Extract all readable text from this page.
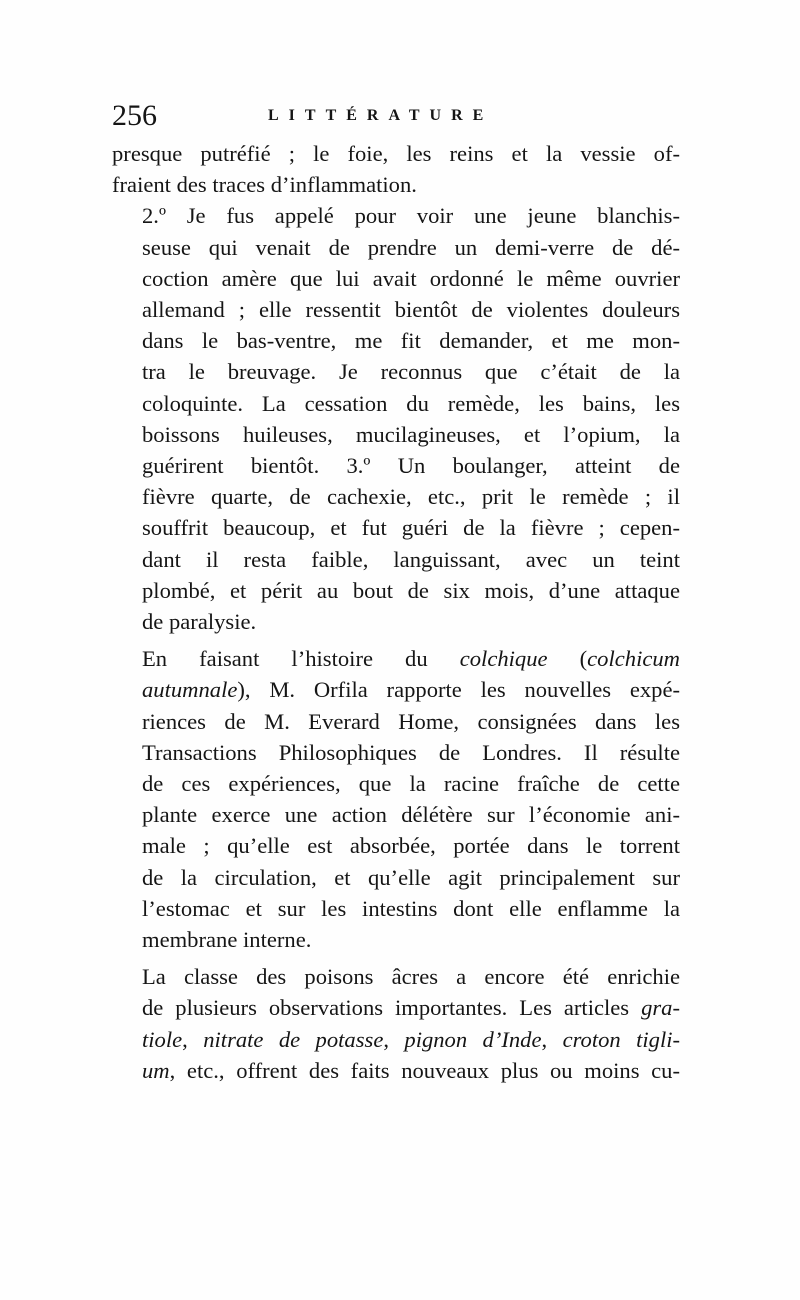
256	LITTÉRATURE

presque putréfié ; le foie, les reins et la vessie of-
fraient des traces d’inflammation.

2.º Je fus appelé pour voir une jeune blanchis-
seuse qui venait de prendre un demi-verre de dé-
coction amère que lui avait ordonné le même ouvrier
allemand ; elle ressentit bientôt de violentes douleurs
dans le bas-ventre, me fit demander, et me mon-
tra le breuvage. Je reconnus que c’était de la
coloquinte. La cessation du remède, les bains, les
boissons huileuses, mucilagineuses, et l’opium, la
guérirent bientôt. 3.º Un boulanger, atteint de
fièvre quarte, de cachexie, etc., prit le remède ; il
souffrit beaucoup, et fut guéri de la fièvre ; cepen-
dant il resta faible, languissant, avec un teint
plombé, et périt au bout de six mois, d’une attaque
de paralysie.

En faisant l’histoire du colchique (colchicum
autumnale), M. Orfila rapporte les nouvelles expé-
riences de M. Everard Home, consignées dans les
Transactions Philosophiques de Londres. Il résulte
de ces expériences, que la racine fraîche de cette
plante exerce une action délétère sur l’économie ani-
male ; qu’elle est absorbée, portée dans le torrent
de la circulation, et qu’elle agit principalement sur
l’estomac et sur les intestins dont elle enflamme la
membrane interne.

La classe des poisons âcres a encore été enrichie
de plusieurs observations importantes. Les articles gra-
tiole, nitrate de potasse, pignon d’Inde, croton tigli-
um, etc., offrent des faits nouveaux plus ou moins cu-
